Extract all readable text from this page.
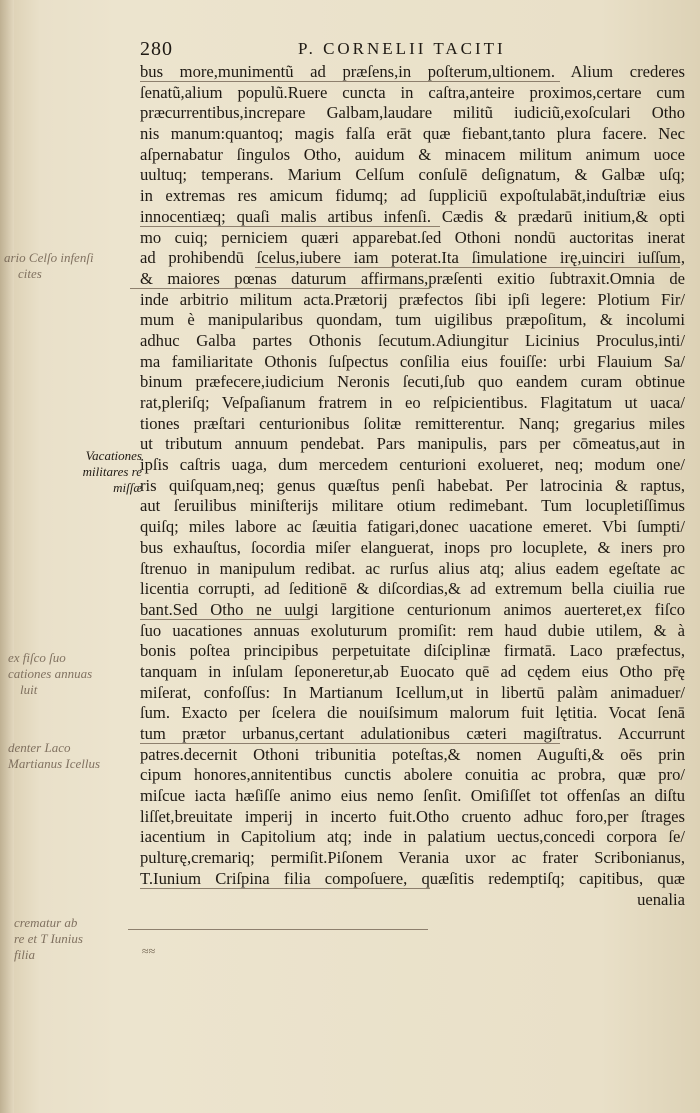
280	P. CORNELII TACITI
bus more,munimentũ ad præſens,in poſterum,ultionem. Alium crederes
ſenatũ,alium populũ.Ruere cuncta in caſtra,anteire proximos,certare cum
præcurrentibus,increpare Galbam,laudare militũ iudiciũ,exoſculari Otho
nis manum:quantoq; magis falſa erāt quæ fiebant,tanto plura facere. Nec
aſpernabatur ſingulos Otho, auidum & minacem militum animum uoce
uultuq; temperans. Marium Celſum conſulē deſignatum, & Galbæ uſq;
in extremas res amicum fidumq; ad ſuppliciū expoſtulabāt,induſtriæ eius
innocentiæq; quaſi malis artibus infenſi. Cædis & prædarū initium,& opti
mo cuiq; perniciem quæri apparebat.ſed Othoni nondū auctoritas inerat
ad prohibendū ſcelus,iubere iam poterat.Ita ſimulatione irę,uinciri iuſſum,
& maiores pœnas daturum affirmans,præſenti exitio ſubtraxit.Omnia de
inde arbitrio militum acta.Prætorij præfectos ſibi ipſi legere: Plotium Fir/
mum è manipularibus quondam, tum uigilibus præpoſitum, & incolumi
adhuc Galba partes Othonis ſecutum.Adiungitur Licinius Proculus,inti/
ma familiaritate Othonis ſuſpectus conſilia eius fouiſſe: urbi Flauium Sa/
binum præfecere,iudicium Neronis ſecuti,ſub quo eandem curam obtinue
rat,pleriſq; Veſpaſianum fratrem in eo reſpicientibus. Flagitatum ut uaca/
tiones præſtari centurionibus ſolitæ remitterentur. Nanq; gregarius miles
ut tributum annuum pendebat. Pars manipulis, pars per cōmeatus,aut in
ipſis caſtris uaga, dum mercedem centurioni exolueret, neq; modum one/
ris quiſquam,neq; genus quæſtus penſi habebat. Per latrocinia & raptus,
aut ſeruilibus miniſterijs militare otium redimebant. Tum locupletiſſimus
quiſq; miles labore ac ſæuitia fatigari,donec uacatione emeret. Vbi ſumpti/
bus exhauſtus, ſocordia miſer elanguerat, inops pro locuplete, & iners pro
ſtrenuo in manipulum redibat. ac rurſus alius atq; alius eadem egeſtate ac
licentia corrupti, ad ſeditionē & diſcordias,& ad extremum bella ciuilia rue
bant.Sed Otho ne uulgi largitione centurionum animos auerteret,ex fiſco
ſuo uacationes annuas exoluturum promiſit: rem haud dubie utilem, & à
bonis poſtea principibus perpetuitate diſciplinæ firmatā. Laco præfectus,
tanquam in inſulam ſeponeretur,ab Euocato quē ad cędem eius Otho pr̄ę
miſerat, confoſſus: In Martianum Icellum,ut in libertū palàm animaduer/
ſum. Exacto per ſcelera die nouiſsimum malorum fuit lętitia. Vocat ſenā
tum prætor urbanus,certant adulationibus cæteri magiſtratus. Accurrunt
patres.decernit Othoni tribunitia poteſtas,& nomen Auguſti,& oēs prin
cipum honores,annitentibus cunctis abolere conuitia ac probra, quæ pro/
miſcue iacta hæſiſſe animo eius nemo ſenſit. Omiſiſſet tot offenſas an diſtu
liſſet,breuitate imperij in incerto fuit.Otho cruento adhuc foro,per ſtrages
iacentium in Capitolium atq; inde in palatium uectus,concedi corpora ſe/
pulturę,cremariq; permiſit.Piſonem Verania uxor ac frater Scribonianus,
T.Iunium Criſpina filia compoſuere, quæſitis redemptiſq; capitibus, quæ
uenalia
Vacationes
militares re
miſſæ
ario Celſo infenſi
cites
ex fiſco ſuo
cationes annuas
luit
denter Laco
Martianus Icellus
crematur ab
re et T Iunius
filia	≈≈
